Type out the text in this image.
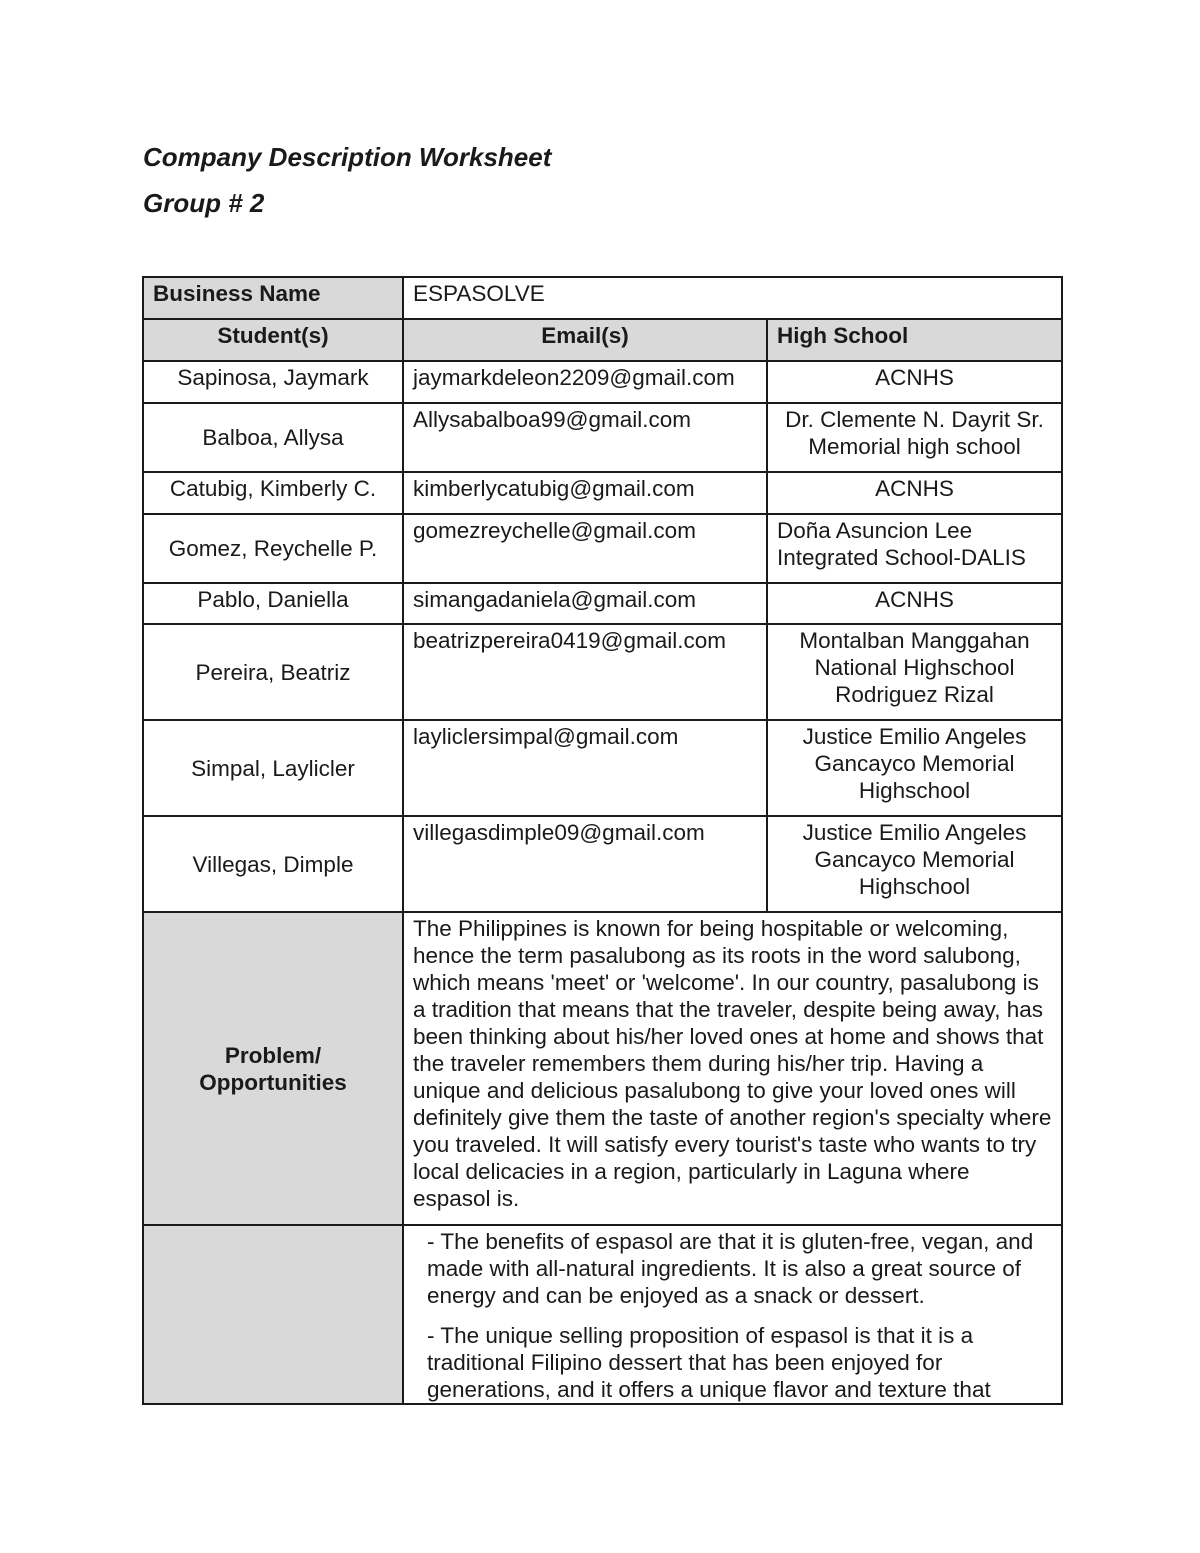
Company Description Worksheet
Group # 2
Business Name	ESPASOLVE	
Student(s)	Email(s)	High School
Sapinosa, Jaymark	jaymarkdeleon2209@gmail.com	ACNHS
Balboa, Allysa	Allysabalboa99@gmail.com	Dr. Clemente N. Dayrit Sr. Memorial high school
Catubig, Kimberly C.	kimberlycatubig@gmail.com	ACNHS
Gomez, Reychelle P.	gomezreychelle@gmail.com	Doña Asuncion Lee Integrated School-DALIS
Pablo, Daniella	simangadaniela@gmail.com	ACNHS
Pereira, Beatriz	beatrizpereira0419@gmail.com	Montalban Manggahan National Highschool Rodriguez Rizal
Simpal, Laylicler	layliclersimpal@gmail.com	Justice Emilio Angeles Gancayco Memorial Highschool
Villegas, Dimple	villegasdimple09@gmail.com	Justice Emilio Angeles Gancayco Memorial Highschool
Problem/ Opportunities	The Philippines is known for being hospitable or welcoming, hence the term pasalubong as its roots in the word salubong, which means 'meet' or 'welcome'. In our country, pasalubong is a tradition that means that the traveler, despite being away, has been thinking about his/her loved ones at home and shows that the traveler remembers them during his/her trip. Having a unique and delicious pasalubong to give your loved ones will definitely give them the taste of another region's specialty where you traveled. It will satisfy every tourist's taste who wants to try local delicacies in a region, particularly in Laguna where espasol is.	

	- The benefits of espasol are that it is gluten-free, vegan, and made with all-natural ingredients. It is also a great source of energy and can be enjoyed as a snack or dessert.
- The unique selling proposition of espasol is that it is a traditional Filipino dessert that has been enjoyed for generations, and it offers a unique flavor and texture that	
